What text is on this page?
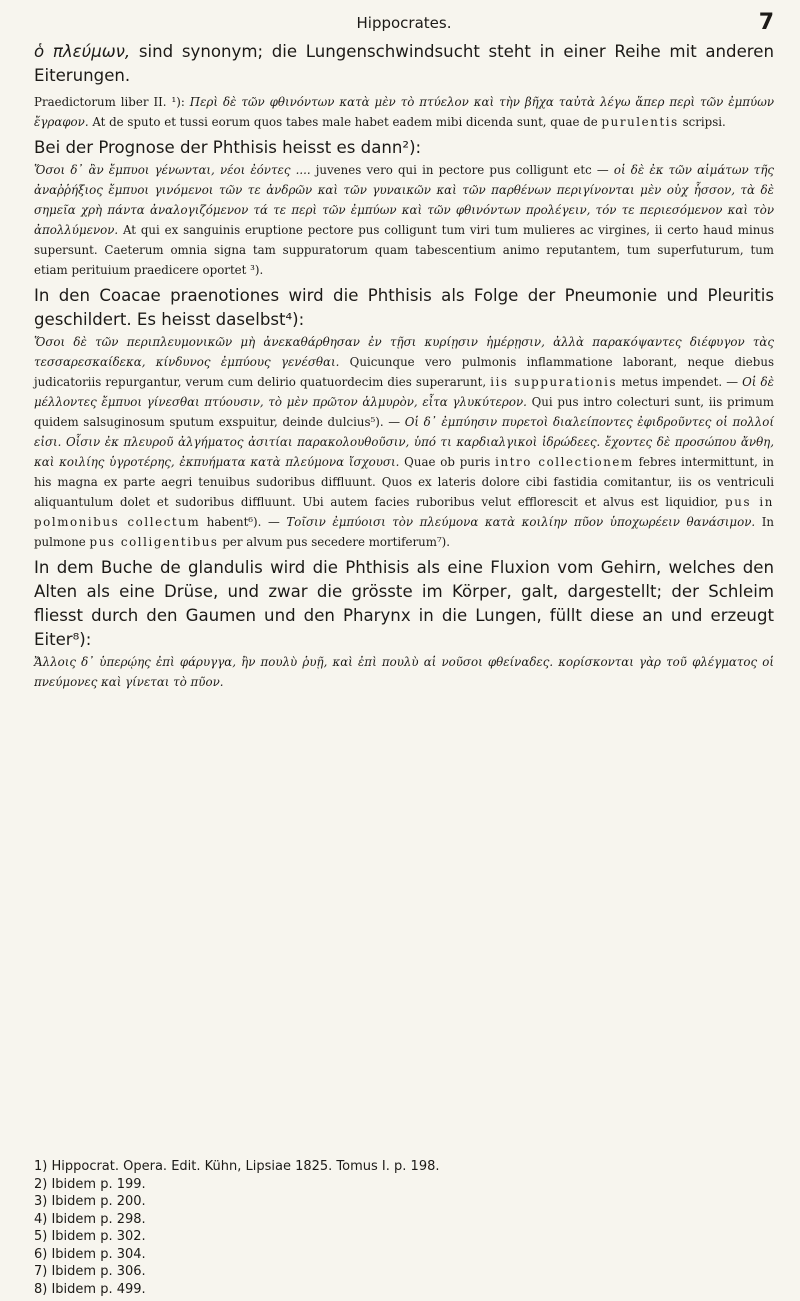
Hippocrates.	7

ὁ πλεύμων, sind synonym; die Lungenschwindsucht steht in einer Reihe mit anderen Eiterungen.

Praedictorum liber II. ¹): Περὶ δὲ τῶν φθινόντων κατὰ μὲν τὸ πτύελον καὶ τὴν βῆχα ταὐτὰ λέγω ἅπερ περὶ τῶν ἐμπύων ἔγραφον. At de sputo et tussi eorum quos tabes male habet eadem mibi dicenda sunt, quae de purulentis scripsi.

Bei der Prognose der Phthisis heisst es dann²):

Ὅσοι δ᾽ ἂν ἔμπυοι γένωνται, νέοι ἐόντες .... juvenes vero qui in pectore pus colligunt etc — οἱ δὲ ἐκ τῶν αἱμάτων τῆς ἀναῤῥήξιος ἔμπυοι γινόμενοι τῶν τε ἀνδρῶν καὶ τῶν γυναικῶν καὶ τῶν παρθένων περιγίνονται μὲν οὐχ ἧσσον, τὰ δὲ σημεῖα χρὴ πάντα ἀναλογιζόμενον τά τε περὶ τῶν ἐμπύων καὶ τῶν φθινόντων προλέγειν, τόν τε περιεσόμενον καὶ τὸν ἀπολλύμενον. At qui ex sanguinis eruptione pectore pus colligunt tum viri tum mulieres ac virgines, ii certo haud minus supersunt. Caeterum omnia signa tam suppuratorum quam tabescentium animo reputantem, tum superfuturum, tum etiam perituium praedicere oportet ³).

In den Coacae praenotiones wird die Phthisis als Folge der Pneumonie und Pleuritis geschildert. Es heisst daselbst⁴):

Ὅσοι δὲ τῶν περιπλευμονικῶν μὴ ἀνεκαθάρθησαν ἐν τῇσι κυρίῃσιν ἡμέρῃσιν, ἀλλὰ παρακόψαντες διέφυγον τὰς τεσσαρεσκαίδεκα, κίνδυνος ἐμπύους γενέσθαι. Quicunque vero pulmonis inflammatione laborant, neque diebus judicatoriis repurgantur, verum cum delirio quatuordecim dies superarunt, iis suppurationis metus impendet. — Οἱ δὲ μέλλοντες ἔμπυοι γίνεσθαι πτύουσιν, τὸ μὲν πρῶτον ἁλμυρὸν, εἶτα γλυκύτερον. Qui pus intro colecturi sunt, iis primum quidem salsuginosum sputum exspuitur, deinde dulcius⁵). — Οἱ δ᾽ ἐμπύησιν πυρετοὶ διαλείποντες ἐφιδροῦντες οἱ πολλοί εἰσι. Οἷσιν ἐκ πλευροῦ ἀλγήματος ἀσιτίαι παρακολουθοῦσιν, ὑπό τι καρδιαλγικοὶ ἱδρώδεες. ἔχοντες δὲ προσώπου ἄνθη, καὶ κοιλίης ὑγροτέρης, ἐκπυήματα κατὰ πλεύμονα ἴσχουσι. Quae ob puris intro collectionem febres intermittunt, in his magna ex parte aegri tenuibus sudoribus diffluunt. Quos ex lateris dolore cibi fastidia comitantur, iis os ventriculi aliquantulum dolet et sudoribus diffluunt. Ubi autem facies ruboribus velut efflorescit et alvus est liquidior, pus in polmonibus collectum habent⁶). — Τοῖσιν ἐμπύοισι τὸν πλεύμονα κατὰ κοιλίην πῦον ὑποχωρέειν θανάσιμον. In pulmone pus colligentibus per alvum pus secedere mortiferum⁷).

In dem Buche de glandulis wird die Phthisis als eine Fluxion vom Gehirn, welches den Alten als eine Drüse, und zwar die grösste im Körper, galt, dargestellt; der Schleim fliesst durch den Gaumen und den Pharynx in die Lungen, füllt diese an und erzeugt Eiter⁸):

Ἄλλοις δ᾽ ὑπερῴης ἐπὶ φάρυγγα, ἢν πουλὺ ῥυῇ, καὶ ἐπὶ πουλὺ αἱ νοῦσοι φθείναδες. κορίσκονται γὰρ τοῦ φλέγματος οἱ πνεύμονες καὶ γίνεται τὸ πῦον.

1) Hippocrat. Opera. Edit. Kühn, Lipsiae 1825. Tomus I. p. 198.
2) Ibidem p. 199.
3) Ibidem p. 200.
4) Ibidem p. 298.
5) Ibidem p. 302.
6) Ibidem p. 304.
7) Ibidem p. 306.
8) Ibidem p. 499.
